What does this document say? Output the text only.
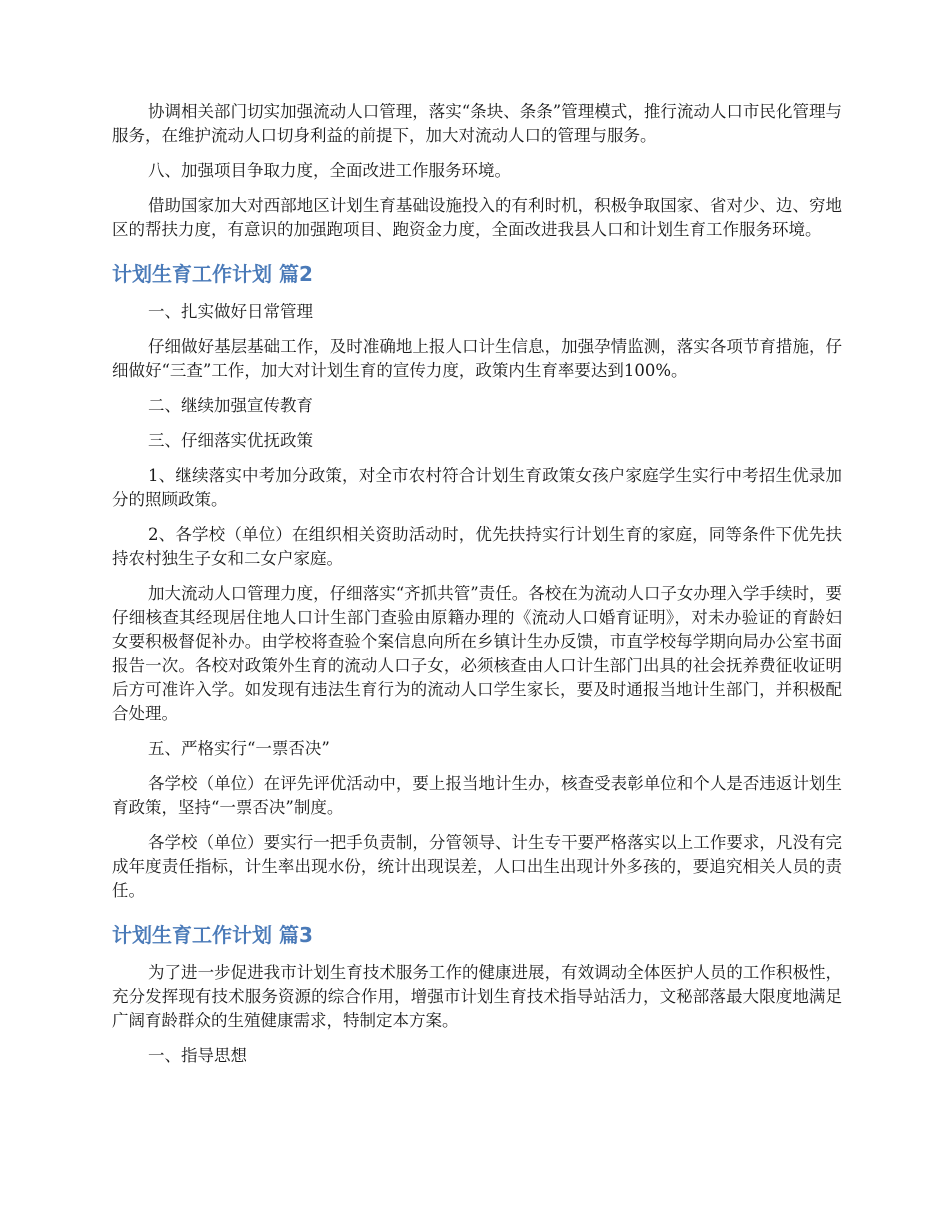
协调相关部门切实加强流动人口管理，落实“条块、条条”管理模式，推行流动人口市民化管理与服务，在维护流动人口切身利益的前提下，加大对流动人口的管理与服务。

八、加强项目争取力度，全面改进工作服务环境。

借助国家加大对西部地区计划生育基础设施投入的有利时机，积极争取国家、省对少、边、穷地区的帮扶力度，有意识的加强跑项目、跑资金力度，全面改进我县人口和计划生育工作服务环境。

计划生育工作计划 篇2

一、扎实做好日常管理

仔细做好基层基础工作，及时准确地上报人口计生信息，加强孕情监测，落实各项节育措施，仔细做好“三查”工作，加大对计划生育的宣传力度，政策内生育率要达到100%。

二、继续加强宣传教育

三、仔细落实优抚政策

1、继续落实中考加分政策，对全市农村符合计划生育政策女孩户家庭学生实行中考招生优录加分的照顾政策。

2、各学校（单位）在组织相关资助活动时，优先扶持实行计划生育的家庭，同等条件下优先扶持农村独生子女和二女户家庭。

加大流动人口管理力度，仔细落实“齐抓共管”责任。各校在为流动人口子女办理入学手续时，要仔细核查其经现居住地人口计生部门查验由原籍办理的《流动人口婚育证明》，对未办验证的育龄妇女要积极督促补办。由学校将查验个案信息向所在乡镇计生办反馈，市直学校每学期向局办公室书面报告一次。各校对政策外生育的流动人口子女，必须核查由人口计生部门出具的社会抚养费征收证明后方可准许入学。如发现有违法生育行为的流动人口学生家长，要及时通报当地计生部门，并积极配合处理。

五、严格实行“一票否决”

各学校（单位）在评先评优活动中，要上报当地计生办，核查受表彰单位和个人是否违返计划生育政策，坚持“一票否决”制度。

各学校（单位）要实行一把手负责制，分管领导、计生专干要严格落实以上工作要求，凡没有完成年度责任指标，计生率出现水份，统计出现误差，人口出生出现计外多孩的，要追究相关人员的责任。

计划生育工作计划 篇3

为了进一步促进我市计划生育技术服务工作的健康进展，有效调动全体医护人员的工作积极性，充分发挥现有技术服务资源的综合作用，增强市计划生育技术指导站活力，文秘部落最大限度地满足广阔育龄群众的生殖健康需求，特制定本方案。

一、指导思想
